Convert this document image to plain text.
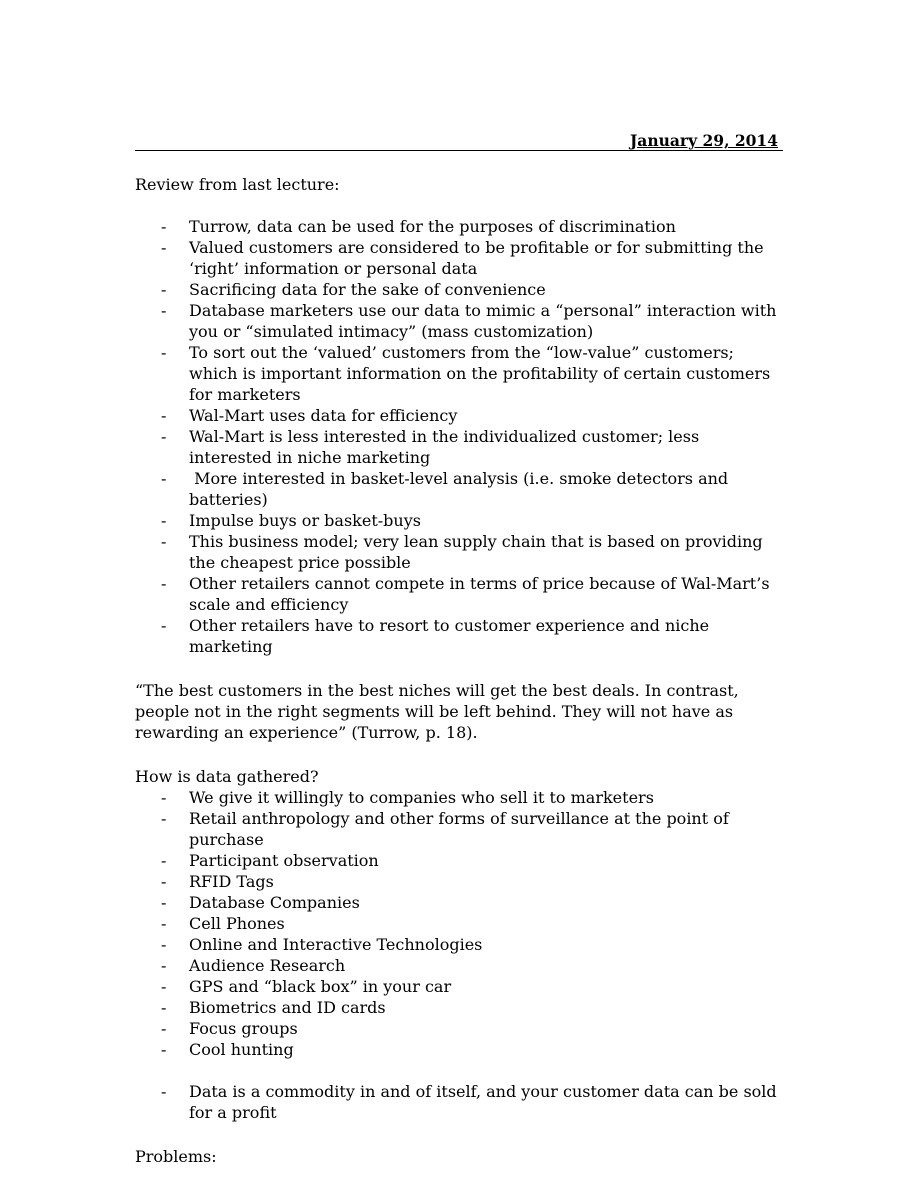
January 29, 2014

Review from last lecture:

- Turrow, data can be used for the purposes of discrimination
- Valued customers are considered to be profitable or for submitting the ‘right’ information or personal data
- Sacrificing data for the sake of convenience
- Database marketers use our data to mimic a “personal” interaction with you or “simulated intimacy” (mass customization)
- To sort out the ‘valued’ customers from the “low-value” customers; which is important information on the profitability of certain customers for marketers
- Wal-Mart uses data for efficiency
- Wal-Mart is less interested in the individualized customer; less interested in niche marketing
- More interested in basket-level analysis (i.e. smoke detectors and batteries)
- Impulse buys or basket-buys
- This business model; very lean supply chain that is based on providing the cheapest price possible
- Other retailers cannot compete in terms of price because of Wal-Mart’s scale and efficiency
- Other retailers have to resort to customer experience and niche marketing

“The best customers in the best niches will get the best deals. In contrast, people not in the right segments will be left behind. They will not have as rewarding an experience” (Turrow, p. 18).

How is data gathered?

- We give it willingly to companies who sell it to marketers
- Retail anthropology and other forms of surveillance at the point of purchase
- Participant observation
- RFID Tags
- Database Companies
- Cell Phones
- Online and Interactive Technologies
- Audience Research
- GPS and “black box” in your car
- Biometrics and ID cards
- Focus groups
- Cool hunting
- Data is a commodity in and of itself, and your customer data can be sold for a profit

Problems:
